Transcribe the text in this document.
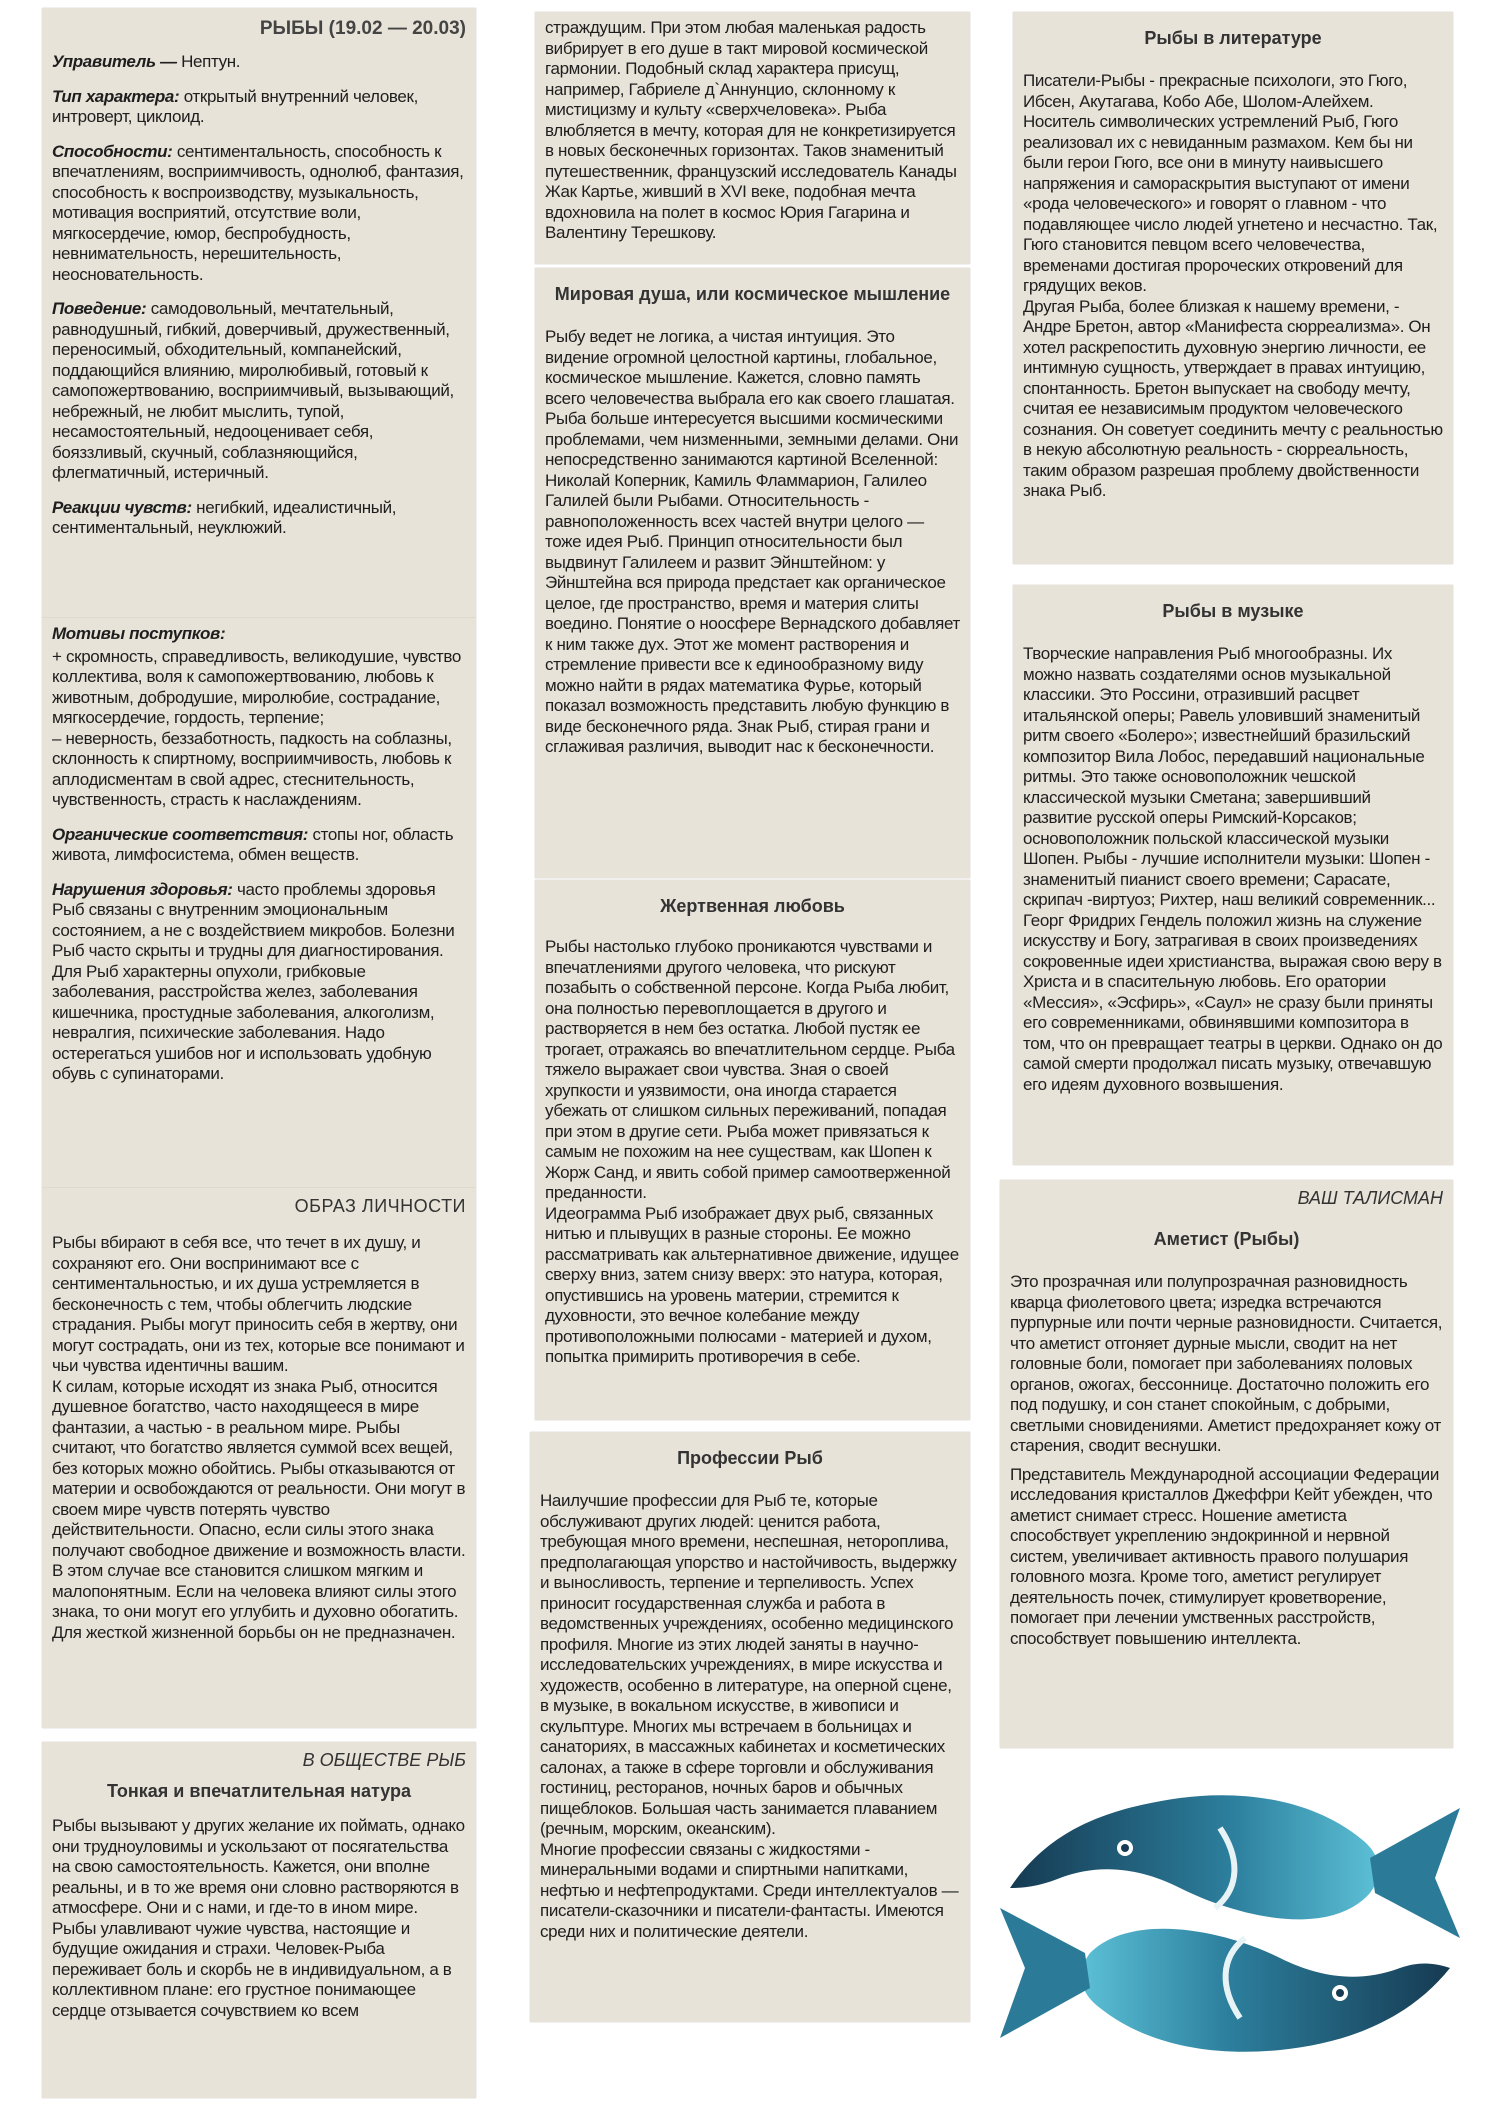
РЫБЫ (19.02 — 20.03)

Управитель — Нептун.

Тип характера: открытый внутренний человек, интроверт, циклоид.

Способности: сентиментальность, способность к впечатлениям, восприимчивость, однолюб, фантазия, способность к воспроизводству, музыкальность, мотивация восприятий, отсутствие воли, мягкосердечие, юмор, беспробудность, невнимательность, нерешительность, неосновательность.

Поведение: самодовольный, мечтательный, равнодушный, гибкий, доверчивый, дружественный, переносимый, обходительный, компанейский, поддающийся влиянию, миролюбивый, готовый к самопожертвованию, восприимчивый, вызывающий, небрежный, не любит мыслить, тупой, несамостоятельный, недооценивает себя, бояззливый, скучный, соблазняющийся, флегматичный, истеричный.

Реакции чувств: негибкий, идеалистичный, сентиментальный, неуклюжий.

Мотивы поступков:

+ скромность, справедливость, великодушие, чувство коллектива, воля к самопожертвованию, любовь к животным, добродушие, миролюбие, сострадание, мягкосердечие, гордость, терпение;

– неверность, беззаботность, падкость на соблазны, склонность к спиртному, восприимчивость, любовь к аплодисментам в свой адрес, стеснительность, чувственность, страсть к наслаждениям.

Органические соответствия: стопы ног, область живота, лимфосистема, обмен веществ.

Нарушения здоровья: часто проблемы здоровья Рыб связаны с внутренним эмоциональным состоянием, а не с воздействием микробов. Болезни Рыб часто скрыты и трудны для диагностирования. Для Рыб характерны опухоли, грибковые заболевания, расстройства желез, заболевания кишечника, простудные заболевания, алкоголизм, невралгия, психические заболевания. Надо остерегаться ушибов ног и использовать удобную обувь с супинаторами.

ОБРАЗ ЛИЧНОСТИ

Рыбы вбирают в себя все, что течет в их душу, и сохраняют его. Они воспринимают все с сентиментальностью, и их душа устремляется в бесконечность с тем, чтобы облегчить людские страдания. Рыбы могут приносить себя в жертву, они могут сострадать, они из тех, которые все понимают и чьи чувства идентичны вашим.

К силам, которые исходят из знака Рыб, относится душевное богатство, часто находящееся в мире фантазии, а частью - в реальном мире. Рыбы считают, что богатство является суммой всех вещей, без которых можно обойтись. Рыбы отказываются от материи и освобождаются от реальности. Они могут в своем мире чувств потерять чувство действительности. Опасно, если силы этого знака получают свободное движение и возможность власти. В этом случае все становится слишком мягким и малопонятным. Если на человека влияют силы этого знака, то они могут его углубить и духовно обогатить. Для жесткой жизненной борьбы он не предназначен.

В ОБЩЕСТВЕ РЫБ
Тонкая и впечатлительная натура

Рыбы вызывают у других желание их поймать, однако они трудноуловимы и ускользают от посягательства на свою самостоятельность. Кажется, они вполне реальны, и в то же время они словно растворяются в атмосфере. Они и с нами, и где-то в ином мире. Рыбы улавливают чужие чувства, настоящие и будущие ожидания и страхи. Человек-Рыба переживает боль и скорбь не в индивидуальном, а в коллективном плане: его грустное понимающее сердце отзывается сочувствием ко всем

страждущим. При этом любая маленькая радость вибрирует в его душе в такт мировой космической гармонии. Подобный склад характера присущ, например, Габриеле д`Аннунцио, склонному к мистицизму и культу «сверхчеловека». Рыба влюбляется в мечту, которая для не конкретизируется в новых бесконечных горизонтах. Таков знаменитый путешественник, французский исследователь Канады Жак Картье, живший в XVI веке, подобная мечта вдохновила на полет в космос Юрия Гагарина и Валентину Терешкову.

Мировая душа, или космическое мышление

Рыбу ведет не логика, а чистая интуиция. Это видение огромной целостной картины, глобальное, космическое мышление. Кажется, словно память всего человечества выбрала его как своего глашатая.

Рыба больше интересуется высшими космическими проблемами, чем низменными, земными делами. Они непосредственно занимаются картиной Вселенной: Николай Коперник, Камиль Фламмарион, Галилео Галилей были Рыбами. Относительность - равноположенность всех частей внутри целого — тоже идея Рыб. Принцип относительности был выдвинут Галилеем и развит Эйнштейном: у Эйнштейна вся природа предстает как органическое целое, где пространство, время и материя слиты воедино. Понятие о ноосфере Вернадского добавляет к ним также дух. Этот же момент растворения и стремление привести все к единообразному виду можно найти в рядах математика Фурье, который показал возможность представить любую функцию в виде бесконечного ряда. Знак Рыб, стирая грани и сглаживая различия, выводит нас к бесконечности.

Жертвенная любовь

Рыбы настолько глубоко проникаются чувствами и впечатлениями другого человека, что рискуют позабыть о собственной персоне. Когда Рыба любит, она полностью перевоплощается в другого и растворяется в нем без остатка. Любой пустяк ее трогает, отражаясь во впечатлительном сердце. Рыба тяжело выражает свои чувства. Зная о своей хрупкости и уязвимости, она иногда старается убежать от слишком сильных переживаний, попадая при этом в другие сети. Рыба может привязаться к самым не похожим на нее существам, как Шопен к Жорж Санд, и явить собой пример самоотверженной преданности.

Идеограмма Рыб изображает двух рыб, связанных нитью и плывущих в разные стороны. Ее можно рассматривать как альтернативное движение, идущее сверху вниз, затем снизу вверх: это натура, которая, опустившись на уровень материи, стремится к духовности, это вечное колебание между противоположными полюсами - материей и духом, попытка примирить противоречия в себе.

Профессии Рыб

Наилучшие профессии для Рыб те, которые обслуживают других людей: ценится работа, требующая много времени, неспешная, нетороплива, предполагающая упорство и настойчивость, выдержку и выносливость, терпение и терпеливость. Успех приносит государственная служба и работа в ведомственных учреждениях, особенно медицинского профиля. Многие из этих людей заняты в научно-исследовательских учреждениях, в мире искусства и художеств, особенно в литературе, на оперной сцене, в музыке, в вокальном искусстве, в живописи и скульптуре. Многих мы встречаем в больницах и санаториях, в массажных кабинетах и косметических салонах, а также в сфере торговли и обслуживания гостиниц, ресторанов, ночных баров и обычных пищеблоков. Большая часть занимается плаванием (речным, морским, океанским).

Многие профессии связаны с жидкостями - минеральными водами и спиртными напитками, нефтью и нефтепродуктами. Среди интеллектуалов — писатели-сказочники и писатели-фантасты. Имеются среди них и политические деятели.

Рыбы в литературе

Писатели-Рыбы - прекрасные психологи, это Гюго, Ибсен, Акутагава, Кобо Абе, Шолом-Алейхем.

Носитель символических устремлений Рыб, Гюго реализовал их с невиданным размахом. Кем бы ни были герои Гюго, все они в минуту наивысшего напряжения и самораскрытия выступают от имени «рода человеческого» и говорят о главном - что подавляющее число людей угнетено и несчастно. Так, Гюго становится певцом всего человечества, временами достигая пророческих откровений для грядущих веков.

Другая Рыба, более близкая к нашему времени, - Андре Бретон, автор «Манифеста сюрреализма». Он хотел раскрепостить духовную энергию личности, ее интимную сущность, утверждает в правах интуицию, спонтанность. Бретон выпускает на свободу мечту, считая ее независимым продуктом человеческого сознания. Он советует соединить мечту с реальностью в некую абсолютную реальность - сюрреальность, таким образом разрешая проблему двойственности знака Рыб.

Рыбы в музыке

Творческие направления Рыб многообразны. Их можно назвать создателями основ музыкальной классики. Это Россини, отразивший расцвет итальянской оперы; Равель уловивший знаменитый ритм своего «Болеро»; известнейший бразильский композитор Вила Лобос, передавший национальные ритмы. Это также основоположник чешской классической музыки Сметана; завершивший развитие русской оперы Римский-Корсаков; основоположник польской классической музыки Шопен. Рыбы - лучшие исполнители музыки: Шопен - знаменитый пианист своего времени; Сарасате, скрипач -виртуоз; Рихтер, наш великий современник...

Георг Фридрих Гендель положил жизнь на служение искусству и Богу, затрагивая в своих произведениях сокровенные идеи христианства, выражая свою веру в Христа и в спасительную любовь. Его оратории «Мессия», «Эсфирь», «Саул» не сразу были приняты его современниками, обвинявшими композитора в том, что он превращает театры в церкви. Однако он до самой смерти продолжал писать музыку, отвечавшую его идеям духовного возвышения.

ВАШ ТАЛИСМАН
Аметист (Рыбы)

Это прозрачная или полупрозрачная разновидность кварца фиолетового цвета; изредка встречаются пурпурные или почти черные разновидности. Считается, что аметист отгоняет дурные мысли, сводит на нет головные боли, помогает при заболеваниях половых органов, ожогах, бессоннице. Достаточно положить его под подушку, и сон станет спокойным, с добрыми, светлыми сновидениями. Аметист предохраняет кожу от старения, сводит веснушки.

Представитель Международной ассоциации Федерации исследования кристаллов Джеффри Кейт убежден, что аметист снимает стресс. Ношение аметиста способствует укреплению эндокринной и нервной систем, увеличивает активность правого полушария головного мозга. Кроме того, аметист регулирует деятельность почек, стимулирует кроветворение, помогает при лечении умственных расстройств, способствует повышению интеллекта.
